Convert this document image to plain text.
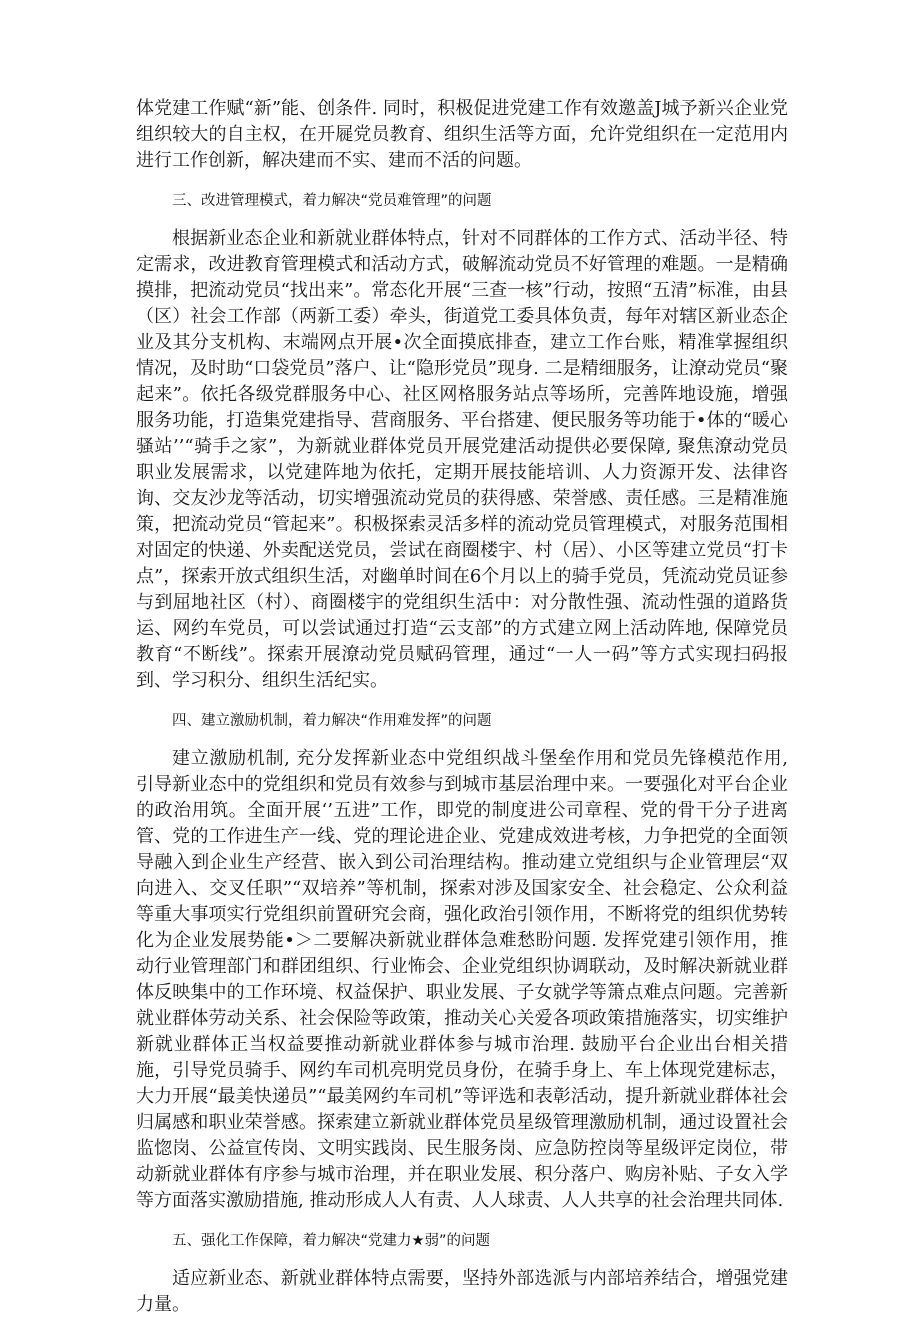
体党建工作赋“新”能、创条件. 同时，积极促进党建工作有效邀盖J城予新兴企业党组织较大的自主权，在开屣党员教育、组织生活等方面，允许党组织在一定范用内进行工作创新，解决建而不实、建而不活的问题。

三、改进管理模式，着力解决“党员难管理”的问题

根据新业态企业和新就业群体特点，针对不同群体的工作方式、活动半径、特定需求，改进教育管理模式和活动方式，破解流动党员不好管理的难题。一是精确摸排，把流动党员“找出来”。常态化开展“三查一核”行动，按照“五清”标准，由县（区）社会工作部（两新工委）牵头，街道党工委具体负责，每年对辖区新业态企业及其分支机构、末端网点开展•次全面摸底排查，建立工作台账，精准掌握组织情况，及时助“口袋党员”落户、让“隐形党员”现身. 二是精细服务，让潦动党员“聚起来”。依托各级党群服务中心、社区网格服务站点等场所，完善阵地设施，增强服务功能，打造集党建指导、营商服务、平台搭建、便民服务等功能于•体的“暖心骚站’’“骑手之家”，为新就业群体党员开展党建活动提供必要保障, 聚焦潦动党员职业发展需求，以党建阵地为依托，定期开展技能培训、人力资源开发、法律咨询、交友沙龙等活动，切实增强流动党员的获得感、荣誉感、责任感。三是精准施策，把流动党员“管起来”。积极探索灵活多样的流动党员管理模式，对服务范围相对固定的快递、外卖配送党员，尝试在商圈楼宇、村（居）、小区等建立党员“打卡点”，探索开放式组织生活，对幽单时间在6个月以上的骑手党员，凭流动党员证参与到屈地社区（村）、商圈楼宇的党组织生活中：对分散性强、流动性强的道路货运、网约车党员，可以尝试通过打造“云支部”的方式建立网上活动阵地, 保障党员教育“不断线”。探索开展潦动党员赋码管理，通过“一人一码”等方式实现扫码报到、学习积分、组织生活纪实。

四、建立激励机制，着力解决“作用难发挥”的问题

建立激励机制, 充分发挥新业态中党组织战斗堡垒作用和党员先锋模范作用, 引导新业态中的党组织和党员有效参与到城市基层治理中来。一要强化对平台企业的政治用筑。全面开展‘’五进”工作，即党的制度进公司章程、党的骨干分子进离管、党的工作进生产一线、党的理论进企业、党建成效进考核，力争把党的全面领导融入到企业生产经营、嵌入到公司治理结构。推动建立党组织与企业管理层“双向进入、交叉任职”“双培养”等机制，探索对涉及国家安全、社会稳定、公众利益等重大事项实行党组织前置研究会商，强化政治引领作用，不断将党的组织优势转化为企业发展势能•＞二要解决新就业群体急难愁盼问题. 发挥党建引领作用，推动行业管理部门和群团组织、行业怖会、企业党组织协调联动，及时解决新就业群体反映集中的工作环境、权益保护、职业发展、子女就学等箫点难点问题。完善新就业群体劳动关系、社会保险等政策，推动关心关爱各项政策措施落实，切实维护新就业群体正当权益要推动新就业群体参与城市治理. 鼓励平台企业出台相关措施，引导党员骑手、网约车司机亮明党员身份，在骑手身上、车上体现党建标志，大力开展“最美快递员”“最美网约车司机”等评选和表彰活动，提升新就业群体社会归属感和职业荣誉感。探索建立新就业群体党员星级管理激励机制，通过设置社会监惚岗、公益宣传岗、文明实践岗、民生服务岗、应急防控岗等星级评定岗位，带动新就业群体有序参与城市治理，并在职业发展、积分落户、购房补贴、子女入学等方面落实激励措施, 推动形成人人有责、人人球责、人人共享的社会治理共同体.

五、强化工作保障，着力解决“党建力★弱”的问题

适应新业态、新就业群体特点需要，坚持外部选派与内部培养结合，增强党建力量。
